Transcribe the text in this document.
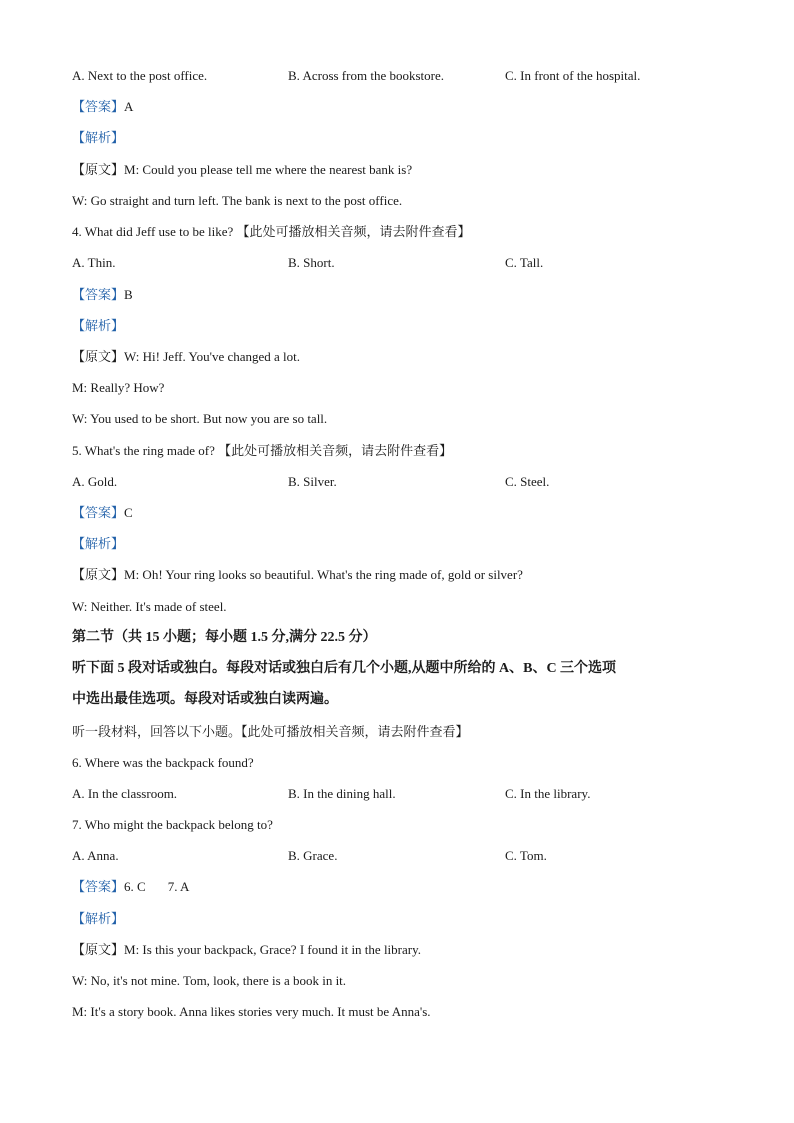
A. Next to the post office.	B. Across from the bookstore.	C. In front of the hospital.
【答案】A
【解析】
【原文】M: Could you please tell me where the nearest bank is?
W: Go straight and turn left. The bank is next to the post office.
4. What did Jeff use to be like? 【此处可播放相关音频，请去附件查看】
A. Thin.	B. Short.	C. Tall.
【答案】B
【解析】
【原文】W: Hi! Jeff. You've changed a lot.
M: Really? How?
W: You used to be short. But now you are so tall.
5. What's the ring made of? 【此处可播放相关音频，请去附件查看】
A. Gold.	B. Silver.	C. Steel.
【答案】C
【解析】
【原文】M: Oh! Your ring looks so beautiful. What's the ring made of, gold or silver?
W: Neither. It's made of steel.
第二节（共 15 小题；每小题 1.5 分,满分 22.5 分）
听下面 5 段对话或独白。每段对话或独白后有几个小题,从题中所给的 A、B、C 三个选项
中选出最佳选项。每段对话或独白读两遍。
听一段材料，回答以下小题。【此处可播放相关音频，请去附件查看】
6. Where was the backpack found?
A. In the classroom.	B. In the dining hall.	C. In the library.
7. Who might the backpack belong to?
A. Anna.	B. Grace.	C. Tom.
【答案】6. C 7. A
【解析】
【原文】M: Is this your backpack, Grace? I found it in the library.
W: No, it's not mine. Tom, look, there is a book in it.
M: It's a story book. Anna likes stories very much. It must be Anna's.
